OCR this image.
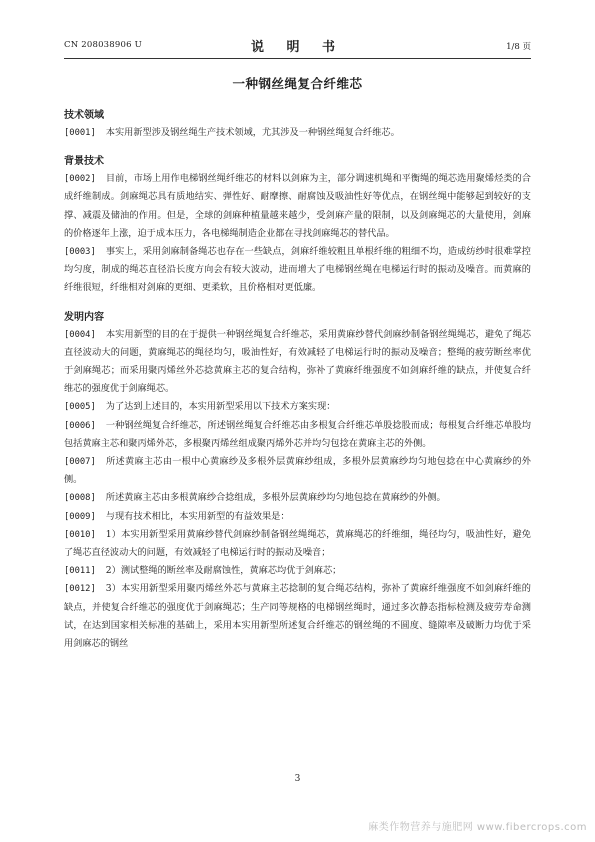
CN 208038906 U	说 明 书	1/8 页
一种钢丝绳复合纤维芯
技术领域

[0001] 本实用新型涉及钢丝绳生产技术领域，尤其涉及一种钢丝绳复合纤维芯。

背景技术

[0002] 目前，市场上用作电梯钢丝绳纤维芯的材料以剑麻为主，部分调速机绳和平衡绳的绳芯选用聚烯烃类的合成纤维制成。剑麻绳芯具有质地结实、弹性好、耐摩擦、耐腐蚀及吸油性好等优点，在钢丝绳中能够起到较好的支撑、减震及储油的作用。但是，全球的剑麻种植量越来越少，受剑麻产量的限制，以及剑麻绳芯的大量使用，剑麻的价格逐年上涨，迫于成本压力，各电梯绳制造企业都在寻找剑麻绳芯的替代品。

[0003] 事实上，采用剑麻制备绳芯也存在一些缺点，剑麻纤维较粗且单根纤维的粗细不均，造成纺纱时很难掌控均匀度，制成的绳芯直径沿长度方向会有较大波动，进而增大了电梯钢丝绳在电梯运行时的振动及噪音。而黄麻的纤维很短，纤维相对剑麻的更细、更柔软，且价格相对更低廉。

发明内容

[0004] 本实用新型的目的在于提供一种钢丝绳复合纤维芯，采用黄麻纱替代剑麻纱制备钢丝绳绳芯，避免了绳芯直径波动大的问题，黄麻绳芯的绳径均匀，吸油性好，有效减轻了电梯运行时的振动及噪音；整绳的疲劳断丝率优于剑麻绳芯；而采用聚丙烯丝外芯捻黄麻主芯的复合结构，弥补了黄麻纤维强度不如剑麻纤维的缺点，并使复合纤维芯的强度优于剑麻绳芯。

[0005] 为了达到上述目的，本实用新型采用以下技术方案实现：

[0006] 一种钢丝绳复合纤维芯，所述钢丝绳复合纤维芯由多根复合纤维芯单股捻股而成；每根复合纤维芯单股均包括黄麻主芯和聚丙烯外芯，多根聚丙烯丝组成聚丙烯外芯并均匀包捻在黄麻主芯的外侧。

[0007] 所述黄麻主芯由一根中心黄麻纱及多根外层黄麻纱组成，多根外层黄麻纱均匀地包捻在中心黄麻纱的外侧。

[0008] 所述黄麻主芯由多根黄麻纱合捻组成，多根外层黄麻纱均匀地包捻在黄麻纱的外侧。

[0009] 与现有技术相比，本实用新型的有益效果是：

[0010] 1）本实用新型采用黄麻纱替代剑麻纱制备钢丝绳绳芯，黄麻绳芯的纤维细，绳径均匀，吸油性好，避免了绳芯直径波动大的问题，有效减轻了电梯运行时的振动及噪音；

[0011] 2）测试整绳的断丝率及耐腐蚀性，黄麻芯均优于剑麻芯；

[0012] 3）本实用新型采用聚丙烯丝外芯与黄麻主芯捻制的复合绳芯结构，弥补了黄麻纤维强度不如剑麻纤维的缺点，并使复合纤维芯的强度优于剑麻绳芯；生产同等规格的电梯钢丝绳时，通过多次静态指标检测及疲劳寿命测试，在达到国家相关标准的基础上，采用本实用新型所述复合纤维芯的钢丝绳的不圆度、缝隙率及破断力均优于采用剑麻芯的钢丝

3
麻类作物营养与施肥网 www.fibercrops.com
